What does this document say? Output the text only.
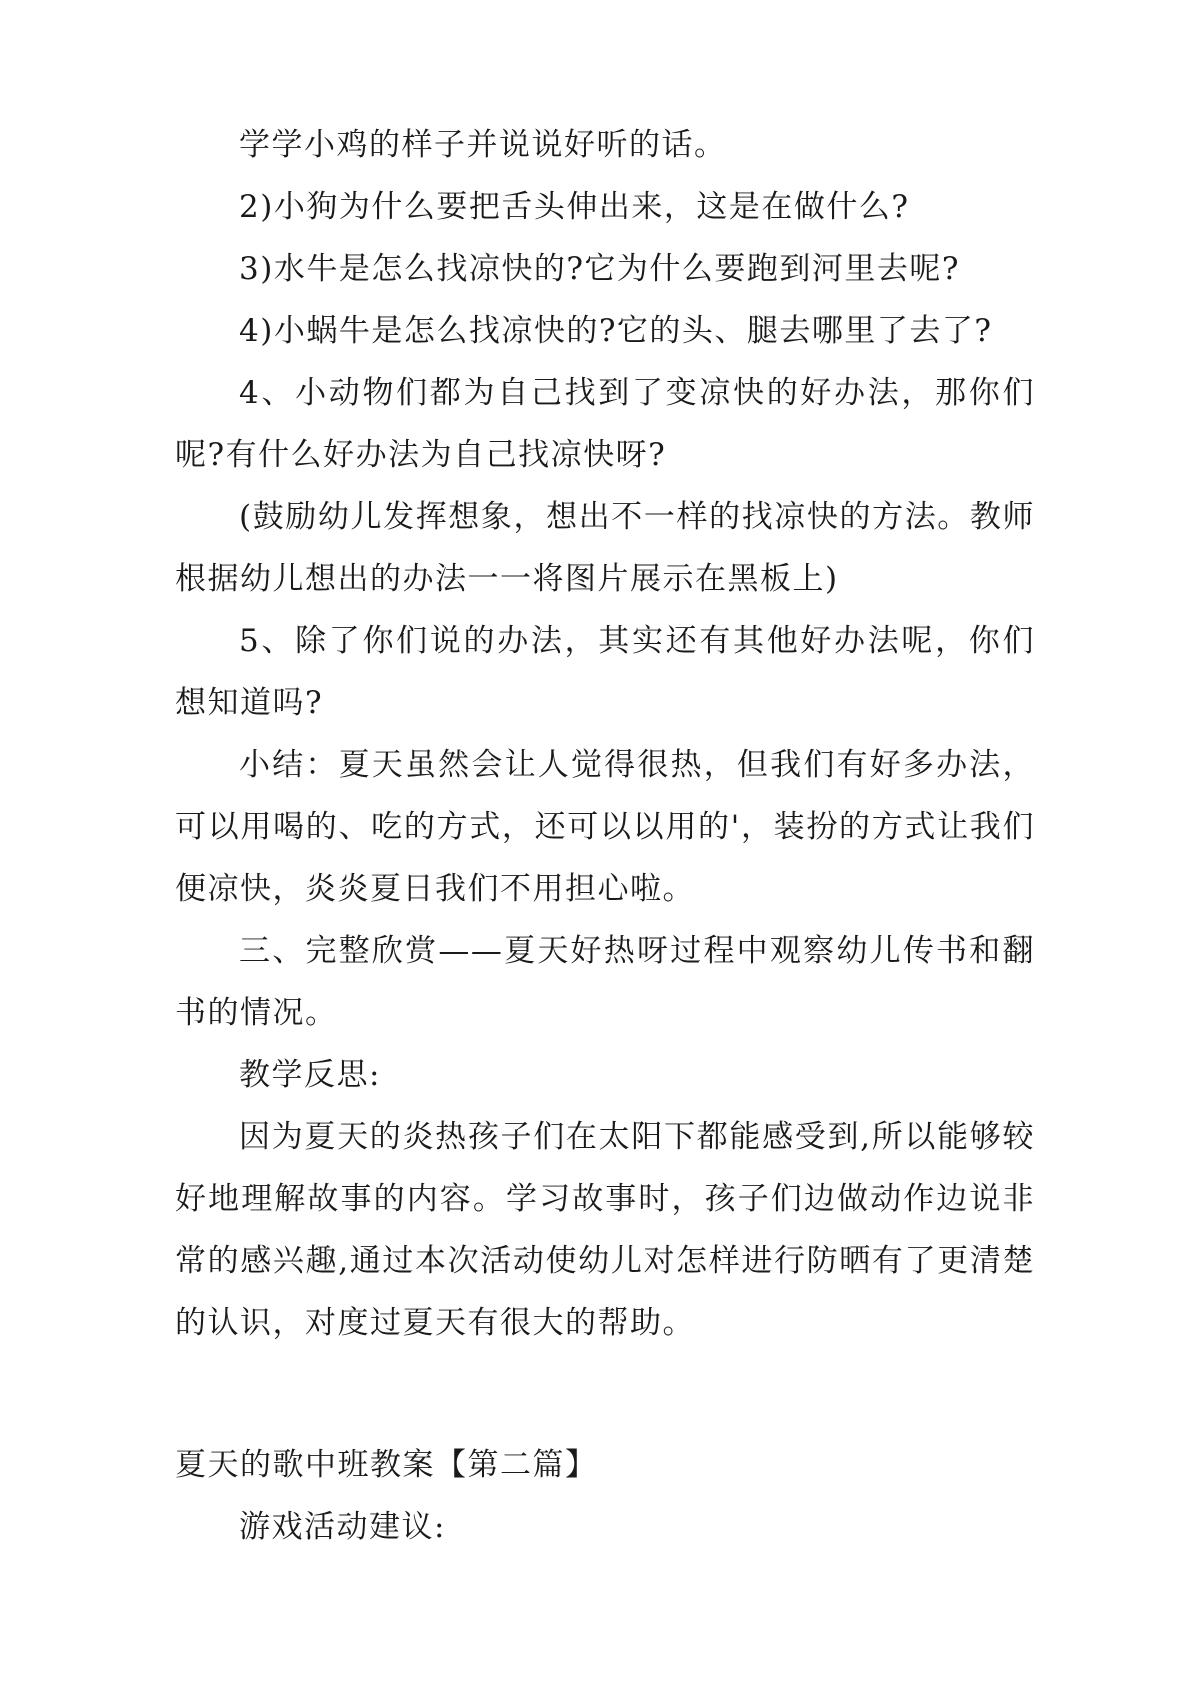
学学小鸡的样子并说说好听的话。

2)小狗为什么要把舌头伸出来，这是在做什么?

3)水牛是怎么找凉快的?它为什么要跑到河里去呢?

4)小蜗牛是怎么找凉快的?它的头、腿去哪里了去了?

4、小动物们都为自己找到了变凉快的好办法，那你们呢?有什么好办法为自己找凉快呀?

(鼓励幼儿发挥想象，想出不一样的找凉快的方法。教师根据幼儿想出的办法一一将图片展示在黑板上)

5、除了你们说的办法，其实还有其他好办法呢，你们想知道吗?

小结：夏天虽然会让人觉得很热，但我们有好多办法，可以用喝的、吃的方式，还可以以用的'，装扮的方式让我们便凉快，炎炎夏日我们不用担心啦。

三、完整欣赏——夏天好热呀过程中观察幼儿传书和翻书的情况。

教学反思:

因为夏天的炎热孩子们在太阳下都能感受到,所以能够较好地理解故事的内容。学习故事时，孩子们边做动作边说非常的感兴趣,通过本次活动使幼儿对怎样进行防晒有了更清楚的认识，对度过夏天有很大的帮助。

夏天的歌中班教案【第二篇】

游戏活动建议:
